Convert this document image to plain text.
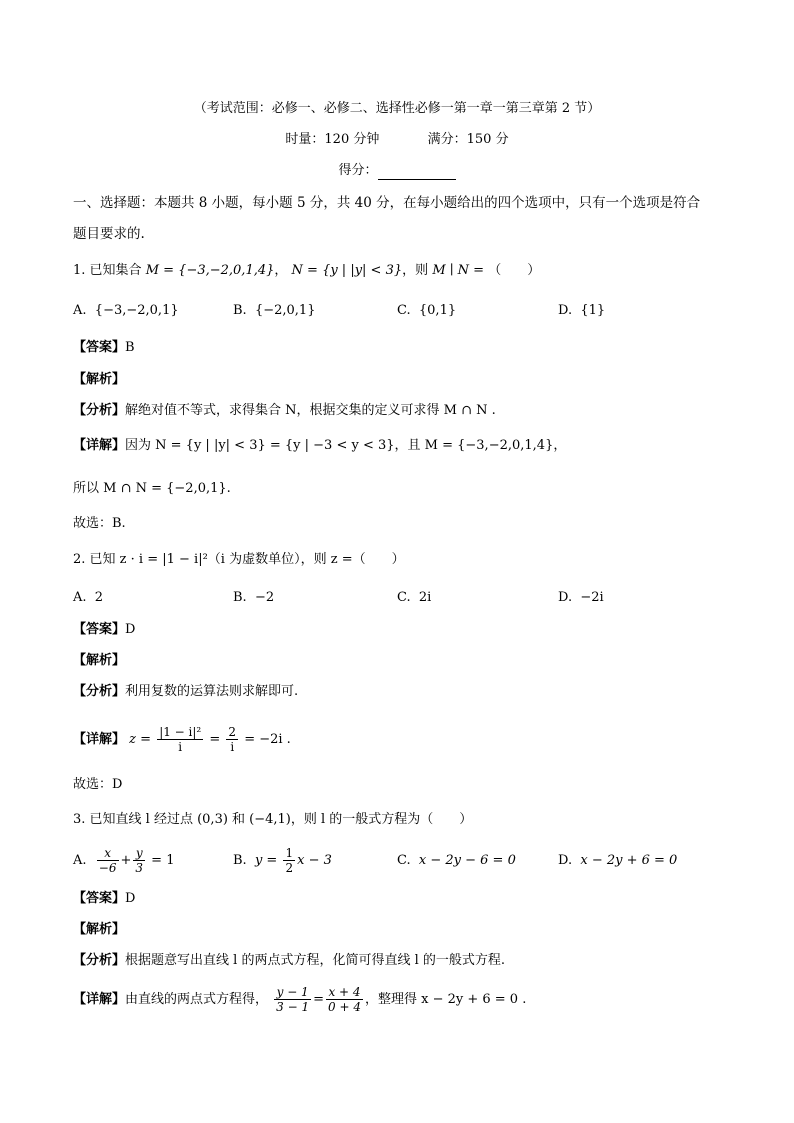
（考试范围：必修一、必修二、选择性必修一第一章一第三章第 2 节）
时量：120 分钟	满分：150 分
得分：
一、选择题：本题共 8 小题，每小题 5 分，共 40 分，在每小题给出的四个选项中，只有一个选项是符合
题目要求的.
1. 已知集合 M = {−3,−2,0,1,4}， N = {y | |y| < 3}，则 M ∣ N = （　　）
A. {−3,−2,0,1}	B. {−2,0,1}	C. {0,1}	D. {1}
【答案】B
【解析】
【分析】解绝对值不等式，求得集合 N，根据交集的定义可求得 M ∩ N .
【详解】因为 N = {y | |y| < 3} = {y | −3 < y < 3}，且 M = {−3,−2,0,1,4}，
所以 M ∩ N = {−2,0,1}.
故选：B.
2. 已知 z · i = |1 − i|²（i 为虚数单位），则 z =（　　）
A. 2	B. −2	C. 2i	D. −2i
【答案】D
【解析】
【分析】利用复数的运算法则求解即可.
【详解】 $z = \frac{\text{|1 − i|²}}{i} = \frac{2}{i} = -2i$ .
故选：D
3. 已知直线 l 经过点 (0,3) 和 (−4,1)，则 l 的一般式方程为（　　）
A. $\frac{x}{-6} + \frac{y}{3} = 1$	B. $y = \frac{1}{2}$ x − 3	C. x − 2y − 6 = 0	D. x − 2y + 6 = 0
【答案】D
【解析】
【分析】根据题意写出直线 l 的两点式方程，化简可得直线 l 的一般式方程.
【详解】由直线的两点式方程得， $\frac{y - 1}{3 - 1} = \frac{x + 4}{0 + 4}$ ，整理得 x − 2y + 6 = 0 .
